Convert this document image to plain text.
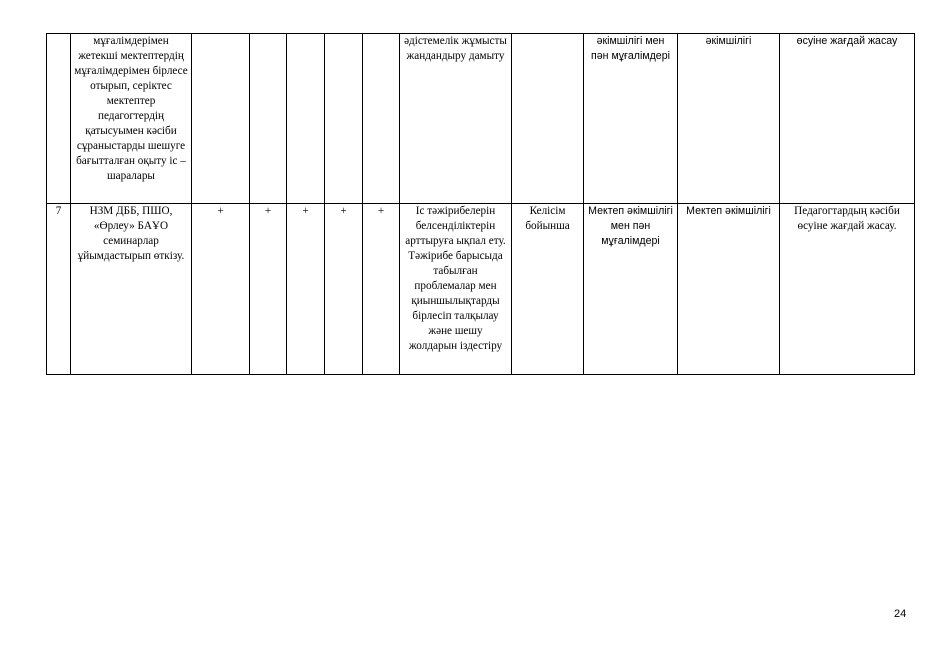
	мұғалімдерімен жетекші мектептердің мұғалімдерімен бірлесе отырып, серіктес мектептер педагогтердің қатысуымен кәсіби сұраныстарды шешуге бағытталған оқыту іс –шаралары						әдістемелік жұмысты жандандыру дамыту		әкімшілігі мен пән мұғалімдері	әкімшілігі	өсуіне жағдай жасау
7	НЗМ ДББ, ПШО, «Өрлеу» БАҰО семинарлар ұйымдастырып өткізу.	+	+	+	+	+	Іс тәжірибелерін белсенділіктерін арттыруға ықпал ету. Тәжірибе барысыда табылған проблемалар мен қиыншылықтарды бірлесіп талқылау және шешу жолдарын іздестіру	Келісім бойынша	Мектеп әкімшілігі мен пән мұғалімдері	Мектеп әкімшілігі	Педагогтардың кәсіби өсуіне жағдай жасау.
24
